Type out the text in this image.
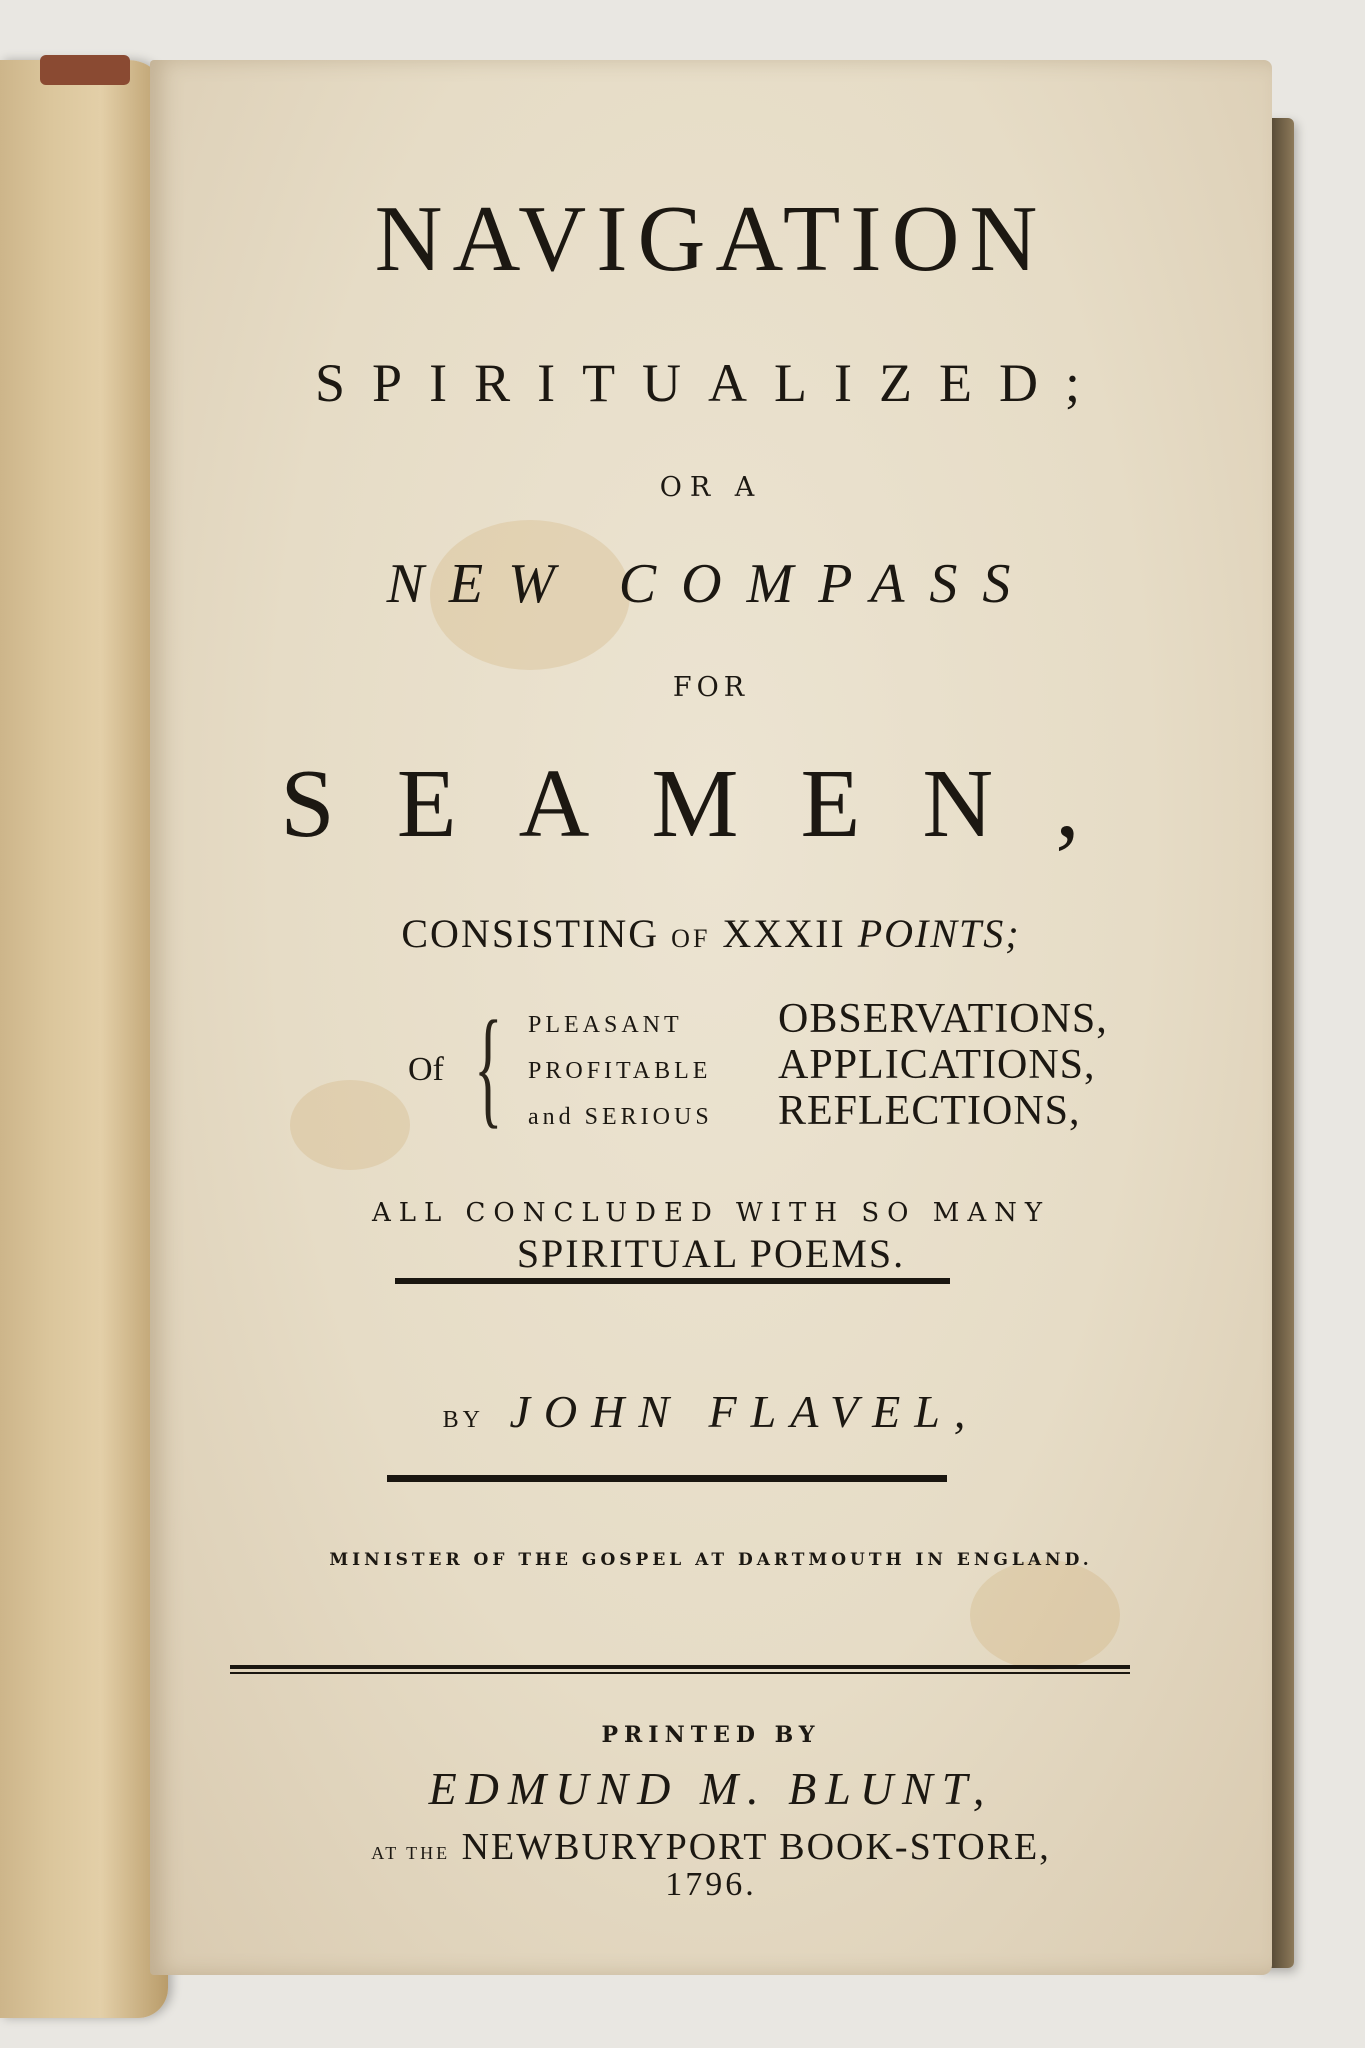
NAVIGATION
SPIRITUALIZED;
OR A
NEW COMPASS
FOR
SEAMEN,
CONSISTING OF XXXII POINTS;
Of { PLEASANT OBSERVATIONS,
PROFITABLE APPLICATIONS,
and SERIOUS REFLECTIONS,
ALL CONCLUDED WITH SO MANY
SPIRITUAL POEMS.
BY JOHN FLAVEL,
MINISTER OF THE GOSPEL AT DARTMOUTH IN ENGLAND.
PRINTED BY
EDMUND M. BLUNT,
AT THE NEWBURYPORT BOOK-STORE,
1796.
